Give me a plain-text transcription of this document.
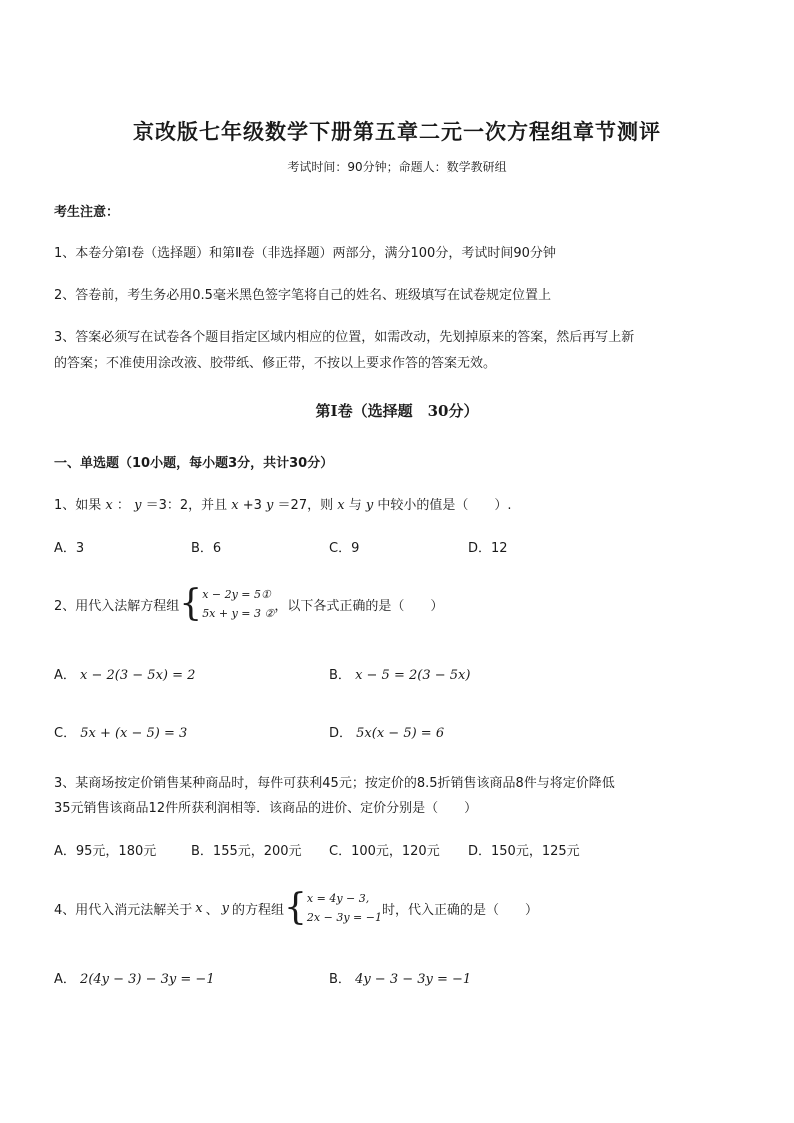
京改版七年级数学下册第五章二元一次方程组章节测评
考试时间：90分钟；命题人：数学教研组
考生注意：
1、本卷分第Ⅰ卷（选择题）和第Ⅱ卷（非选择题）两部分，满分100分，考试时间90分钟
2、答卷前，考生务必用0.5毫米黑色签字笔将自己的姓名、班级填写在试卷规定位置上
3、答案必须写在试卷各个题目指定区域内相应的位置，如需改动，先划掉原来的答案，然后再写上新
的答案；不准使用涂改液、胶带纸、修正带，不按以上要求作答的答案无效。
第Ⅰ卷（选择题　30分）
一、单选题（10小题，每小题3分，共计30分）
1、如果 x ： y ＝3：2，并且 x +3 y ＝27，则 x 与 y 中较小的值是（　　）.
A．3	B．6	C．9	D．12
2、用代入法解方程组 { x − 2y = 5①
5x + y = 3 ② ，以下各式正确的是（　　）
A． x − 2(3 − 5x) = 2	B． x − 5 = 2(3 − 5x)
C． 5x + (x − 5) = 3	D． 5x(x − 5) = 6
3、某商场按定价销售某种商品时，每件可获利45元；按定价的8.5折销售该商品8件与将定价降低
35元销售该商品12件所获利润相等．该商品的进价、定价分别是（　　）
A．95元，180元	B．155元，200元 C．100元，120元 D．150元，125元
4、用代入消元法解关于 x 、 y 的方程组 { x = 4y − 3,
2x − 3y = −1 时，代入正确的是（　　）
A． 2(4y − 3) − 3y = −1	B． 4y − 3 − 3y = −1
